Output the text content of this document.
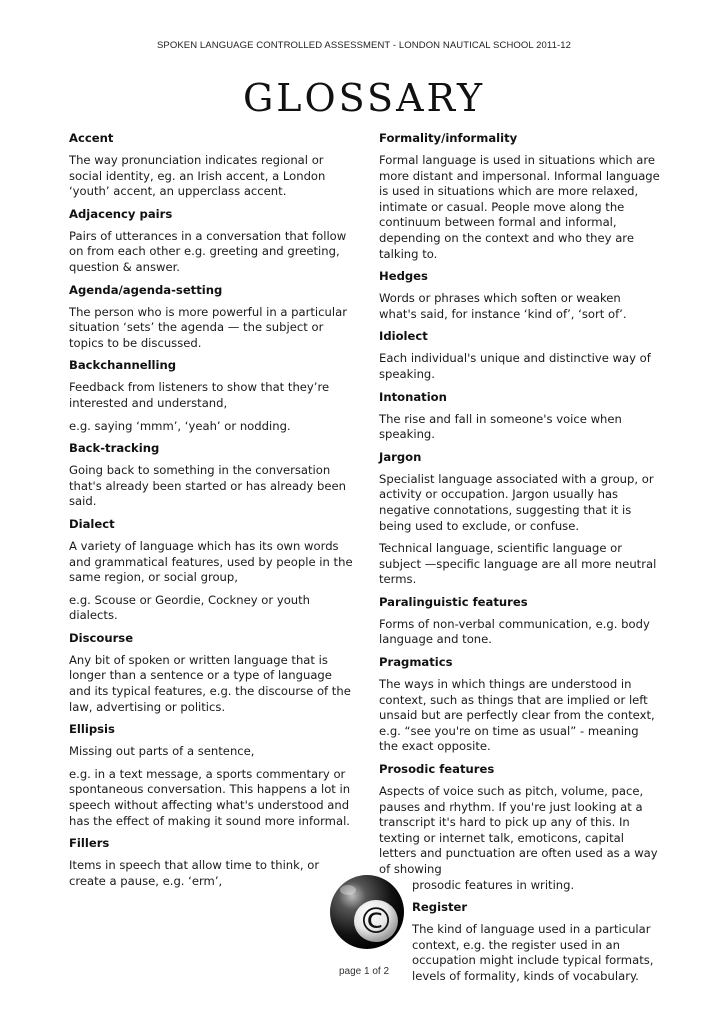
SPOKEN LANGUAGE CONTROLLED ASSESSMENT - LONDON NAUTICAL SCHOOL 2011-12
GLOSSARY
Accent
The way pronunciation indicates regional or social identity, eg. an Irish accent, a London ‘youth’ accent, an upperclass accent.
Adjacency pairs
Pairs of utterances in a conversation that follow on from each other e.g. greeting and greeting, question & answer.
Agenda/agenda-setting
The person who is more powerful in a particular situation ‘sets’ the agenda — the subject or topics to be discussed.
Backchannelling
Feedback from listeners to show that they’re interested and understand,
e.g. saying ‘mmm’, ‘yeah’ or nodding.
Back-tracking
Going back to something in the conversation that's already been started or has already been said.
Dialect
A variety of language which has its own words and grammatical features, used by people in the same region, or social group,
e.g. Scouse or Geordie, Cockney or youth dialects.
Discourse
Any bit of spoken or written language that is longer than a sentence or a type of language and its typical features, e.g. the discourse of the law, advertising or politics.
Ellipsis
Missing out parts of a sentence,
e.g. in a text message, a sports commentary or spontaneous conversation. This happens a lot in speech without affecting what's understood and has the effect of making it sound more informal.
Fillers
Items in speech that allow time to think, or create a pause, e.g. ‘erm’,
Formality/informality
Formal language is used in situations which are more distant and impersonal. Informal language is used in situations which are more relaxed, intimate or casual. People move along the continuum between formal and informal, depending on the context and who they are talking to.
Hedges
Words or phrases which soften or weaken what's said, for instance ‘kind of’, ‘sort of’.
Idiolect
Each individual's unique and distinctive way of speaking.
Intonation
The rise and fall in someone's voice when speaking.
Jargon
Specialist language associated with a group, or activity or occupation. Jargon usually has negative connotations, suggesting that it is being used to exclude, or confuse.
Technical language, scientific language or subject —specific language are all more neutral terms.
Paralinguistic features
Forms of non-verbal communication, e.g. body language and tone.
Pragmatics
The ways in which things are understood in context, such as things that are implied or left unsaid but are perfectly clear from the context, e.g. “see you're on time as usual” - meaning the exact opposite.
Prosodic features
Aspects of voice such as pitch, volume, pace, pauses and rhythm. If you're just looking at a transcript it's hard to pick up any of this. In texting or internet talk, emoticons, capital letters and punctuation are often used as a way of showing
prosodic features in writing.
Register
The kind of language used in a particular context, e.g. the register used in an occupation might include typical formats, levels of formality, kinds of vocabulary.
©
page 1 of 2
